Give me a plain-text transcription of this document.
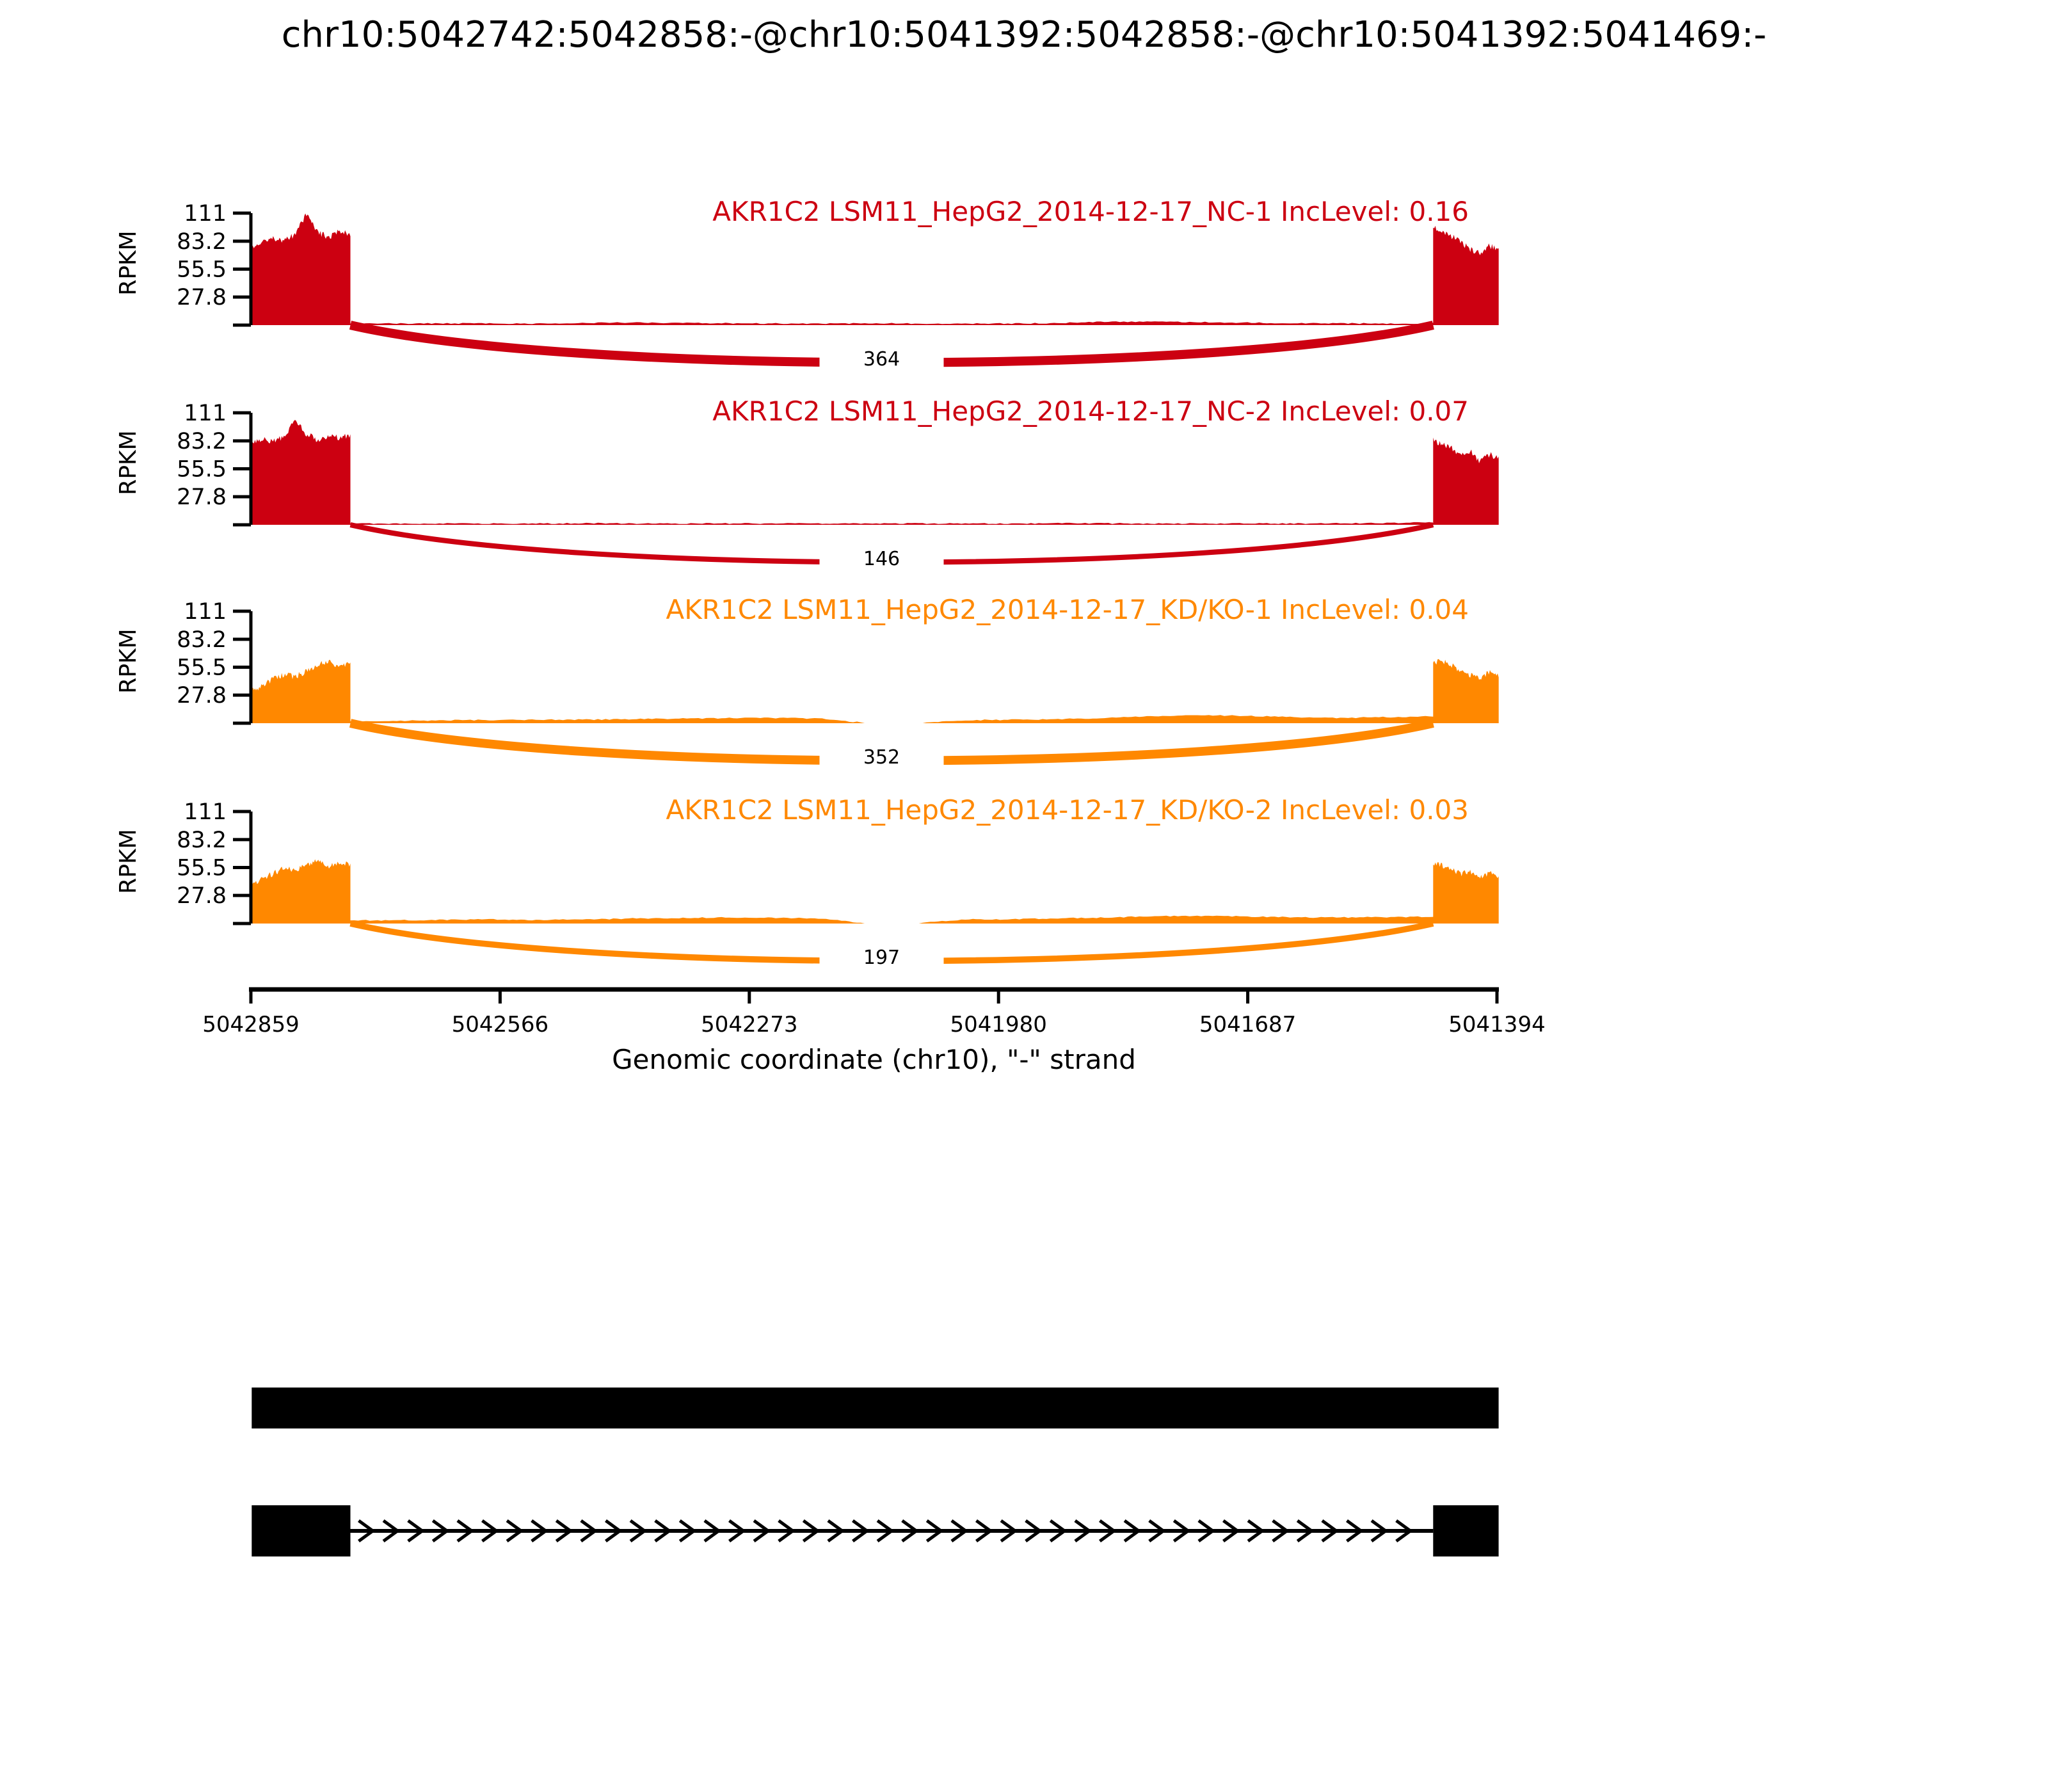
chr10:5042742:5042858:-@chr10:5041392:5042858:-@chr10:5041392:5041469:-
364
27.8
55.5
83.2
111
RPKM
AKR1C2 LSM11_HepG2_2014-12-17_NC-1 IncLevel: 0.16
146
27.8
55.5
83.2
111
RPKM
AKR1C2 LSM11_HepG2_2014-12-17_NC-2 IncLevel: 0.07
352
27.8
55.5
83.2
111
RPKM
AKR1C2 LSM11_HepG2_2014-12-17_KD/KO-1 IncLevel: 0.04
197
27.8
55.5
83.2
111
RPKM
AKR1C2 LSM11_HepG2_2014-12-17_KD/KO-2 IncLevel: 0.03
5042859	5042566	5042273	5041980	5041687	5041394
Genomic coordinate (chr10), "-" strand
